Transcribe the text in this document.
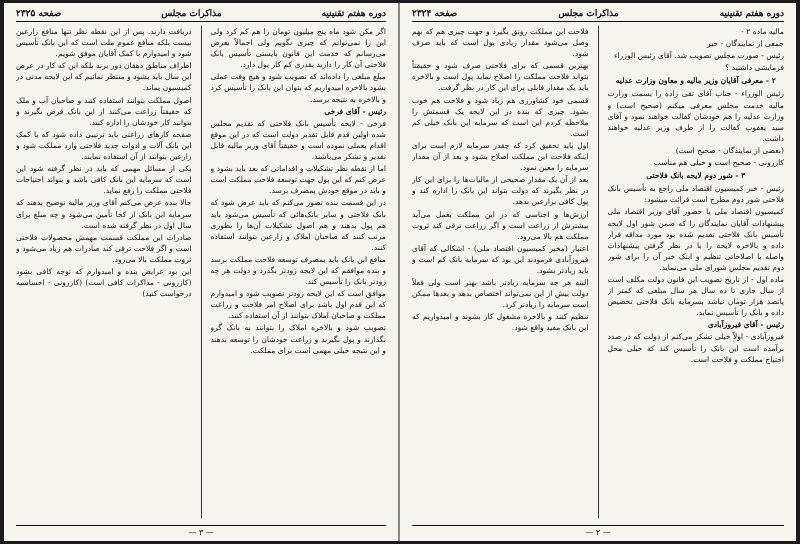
دوره هفتم تقنینیه
مذاکرات مجلس
صفحه ۲۳۲۵

اگر مکن شود ماه پنج میلیون تومان را هم کم کرد ولی این را نمی‌توانم که چیزی نگویم ولی اجمالاً بعرض می‌رسانم که خدمت این قانون بایستی تأسیس بانک فلاحتی آن کار را دارید بقدری کم کار پول دارد.

مبلغ مبلغی را داده‌اند که تصویب شود و هیچ وقت عملی بشود بالاخره امیدواریم که بتوان این بانک را تأسیس کرد و بالاخره به نتیجه برسد.

رئیس - آقای فرخی

فرخی - لایحه تأسیس بانک فلاحتی که تقدیم مجلس شده اولین قدم قابل تقدیر دولت است که در این موقع اقدام بعملی نموده است و حقیقتاً آقای وزیر مالیه قابل تقدیر و تشکر می‌باشند.

اما از نقطه نظر تشکیلات و اقداماتی که بعد باید بشود و عرض کنم که این پول جهت توسعه فلاحت مملکت است و باید در موقع خودش بمصرف برسد.

در این قسمت بنده تصور می‌کنم که باید عرض شود که بانک فلاحتی و سایر بانک‌هائی که تأسیس می‌شود باید هم پول بدهند و هم اصول تشکیلات آن‌ها را بطوری مرتب کنند که صاحبان املاک و زارعین بتوانند استفاده کنند.

منافع این بانک باید بمصرف توسعه فلاحت مملکت برسد و بنده موافقم که این لایحه زودتر بگذرد و دولت هر چه زودتر بانک را تأسیس کند.

موافق است که این لایحه زودتر تصویب شود و امیدوارم که این قدم اول باشد برای اصلاح امر فلاحت و زراعت مملکت و صاحبان املاک بتوانند از آن استفاده کنند.

تصویب شود و بالاخره املاک را بتوانند به بانک گرو بگذارند و پول بگیرند و زراعت خودشان را توسعه بدهند و این نتیجه خیلی مهمی است برای مملکت.

دریافت دارند. پس از این نقطه نظر تنها منافع زارعین نیست بلکه منافع عموم ملت است که این بانک تأسیس شود و امیدوارم با کمک آقایان موفق شویم.

اطراف مناطق دهقان دور برند بلکه این که کار در عرض این سال باید بشود و منتظر نمانیم که این لایحه مدتی در کمیسیون بماند.

اصول مملکت بتوانند استفاده کنند و صاحبان آب و ملک که حقیقتاً زراعت می‌کنند از این بانک قرض بگیرند و بتوانند کار خودشان را اداره کنند.

صفحه کارهای زراعتی باید ترتیبی داده شود که با کمک این بانک آلات و ادوات جدید فلاحتی وارد مملکت شود و زارعین بتوانند از آن استفاده نمایند.

یکی از مسائل مهمی که باید در نظر گرفته شود این است که سرمایه این بانک کافی باشد و بتواند احتیاجات فلاحتی مملکت را رفع نماید.

حالا بنده عرض می‌کنم آقای وزیر مالیه توضیح بدهند که سرمایه این بانک از کجا تأمین می‌شود و چه مبلغ برای سال اول در نظر گرفته شده است.

صادرات این مملکت قسمت مهمش محصولات فلاحتی است و اگر فلاحت ترقی کند صادرات هم زیاد می‌شود و ثروت مملکت بالا می‌رود.

این بود عرایض بنده و امیدوارم که توجه کافی بشود (کازرونی - مذاکرات کافی است) (کازرونی - احساسیه درخواست کنید)

— ۳ —
دوره هفتم تقنینیه
مذاکرات مجلس
صفحه ۲۳۲۴

مالیه ماده ۲ -

جمعی از نمایندگان - خیر

رئیس - صورت مجلس تصویب شد. آقای رئیس الوزراء

فرمایشی داشتید ؟

۲ - معرفی آقایان وزیر مالیه و معاون وزارت عدلیه

رئیس الوزراء - جناب آقای تقی زاده را بسمت وزارت مالیه خدمت مجلس معرفی میکنم (صحیح است) و وزارت عدلیه را هم خودشان کفالت خواهند نمود و آقای سید یعقوب کفالت را از طرف وزیر عدلیه خواهند داشت.

(بعضی از نمایندگان - صحیح است)

کازرونی - صحیح است و خیلی هم مناسب

۳ - شور دوم لایحه بانک فلاحتی

رئیس - خبر کمیسیون اقتصاد ملی راجع به تأسیس بانک فلاحتی شور دوم مطرح است قرائت میشود:

کمیسیون اقتصاد ملی با حضور آقای وزیر اقتصاد ملی پیشنهادات آقایان نمایندگان را که ضمن شور اول لایحه تأسیس بانک فلاحتی تقدیم شده بود مورد مداقه قرار داده و بالاخره لایحه را با در نظر گرفتن پیشنهادات واصله با اصلاحاتی تنظیم و اینک خبر آن را برای شور دوم تقدیم مجلس شورای ملی می‌نماید.

ماده اول - از تاریخ تصویب این قانون دولت مکلف است از سال جاری تا ده سال هر سال مبلغی که کمتر از پانصد هزار تومان نباشد بسرمایه بانک فلاحتی تخصیص داده و بانک را تأسیس نماید.

رئیس - آقای فیروزآبادی

فیروزآبادی - اولاً خیلی تشکر می‌کنم از دولت که در صدد برآمده است این بانک را تأسیس کند که خیلی محل احتیاج مملکت و فلاحت است.

فلاحت این مملکت رونق بگیرد و جهت چیزی هم که بهم وصل می‌شود مقدار زیادی پول است که باید صرف شود.

بهترین قسمی که برای فلاحتی صرف شود و حقیقتاً بتواند فلاحت مملکت را اصلاح نماید پول است و بالاخره باید یک مقدار قابلی برای این کار در نظر گرفت.

قسمی خود کشاورزی هم زیاد شود و فلاحت هم خوب بشود. چیزی که بنده در این لایحه یک قسمتش را ملاحظه کردم این است که سرمایه این بانک خیلی کم است.

اول باید تحقیق کرد که چقدر سرمایه لازم است برای اینکه فلاحت این مملکت اصلاح بشود و بعد از آن مقدار سرمایه را معین نمود.

بعد از آن یک مقدار صحیحی از مالیات‌ها را برای این کار در نظر بگیرند که دولت بتواند این بانک را اداره کند و پول کافی بزارعین بدهد.

ارزش‌ها و اجناسی که در این مملکت بعمل می‌آید بیشترش از زراعت است و اگر زراعت ترقی کند ثروت مملکت هم بالا می‌رود.

اعتبار (مخبر کمیسیون اقتصاد ملی) - اشکالی که آقای فیروزآبادی فرمودند این بود که سرمایه بانک کم است و باید زیادتر بشود.

البته هر چه سرمایه زیادتر باشد بهتر است ولی فعلاً دولت بیش از این نمی‌تواند اختصاص بدهد و بعدها ممکن است سرمایه را زیادتر کرد.

تنظیم کنند و بالاخره مشغول کار بشوند و امیدواریم که این بانک مفید واقع شود.

— ۲ —
